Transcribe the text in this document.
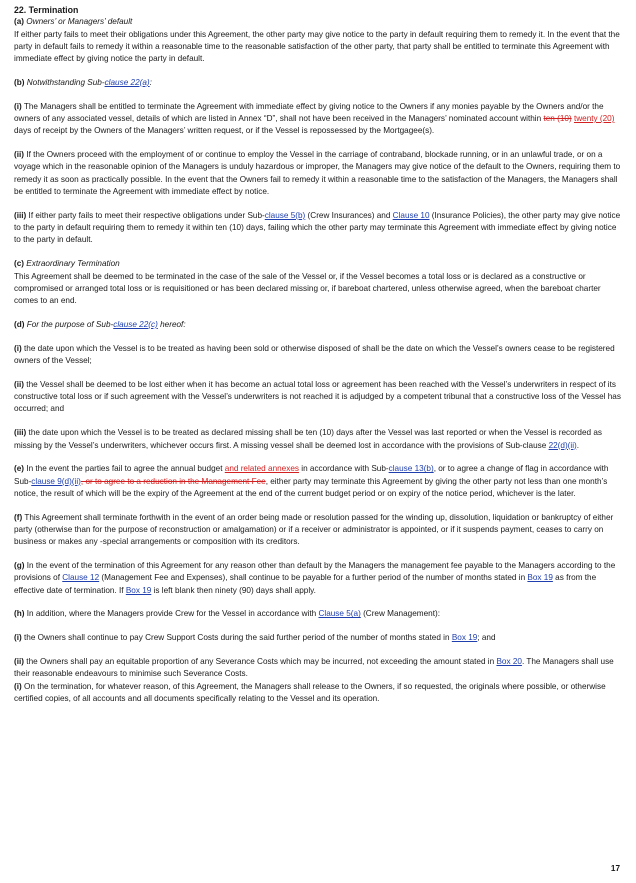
22. Termination

(a) Owners’ or Managers’ default

If either party fails to meet their obligations under this Agreement, the other party may give notice to the party in default requiring them to remedy it. In the event that the party in default fails to remedy it within a reasonable time to the reasonable satisfaction of the other party, that party shall be entitled to terminate this Agreement with immediate effect by giving notice the party in default.

(b) Notwithstanding Sub-clause 22(a):

(i) The Managers shall be entitled to terminate the Agreement with immediate effect by giving notice to the Owners if any monies payable by the Owners and/or the owners of any associated vessel, details of which are listed in Annex “D”, shall not have been received in the Managers’ nominated account within ten (10) twenty (20) days of receipt by the Owners of the Managers’ written request, or if the Vessel is repossessed by the Mortgagee(s).

(ii) If the Owners proceed with the employment of or continue to employ the Vessel in the carriage of contraband, blockade running, or in an unlawful trade, or on a voyage which in the reasonable opinion of the Managers is unduly hazardous or improper, the Managers may give notice of the default to the Owners, requiring them to remedy it as soon as practically possible. In the event that the Owners fail to remedy it within a reasonable time to the satisfaction of the Managers, the Managers shall be entitled to terminate the Agreement with immediate effect by notice.

(iii) If either party fails to meet their respective obligations under Sub-clause 5(b) (Crew Insurances) and Clause 10 (Insurance Policies), the other party may give notice to the party in default requiring them to remedy it within ten (10) days, failing which the other party may terminate this Agreement with immediate effect by giving notice to the party in default.

(c) Extraordinary Termination

This Agreement shall be deemed to be terminated in the case of the sale of the Vessel or, if the Vessel becomes a total loss or is declared as a constructive or compromised or arranged total loss or is requisitioned or has been declared missing or, if bareboat chartered, unless otherwise agreed, when the bareboat charter comes to an end.

(d) For the purpose of Sub-clause 22(c) hereof:

(i) the date upon which the Vessel is to be treated as having been sold or otherwise disposed of shall be the date on which the Vessel’s owners cease to be registered owners of the Vessel;

(ii) the Vessel shall be deemed to be lost either when it has become an actual total loss or agreement has been reached with the Vessel’s underwriters in respect of its constructive total loss or if such agreement with the Vessel’s underwriters is not reached it is adjudged by a competent tribunal that a constructive loss of the Vessel has occurred; and

(iii) the date upon which the Vessel is to be treated as declared missing shall be ten (10) days after the Vessel was last reported or when the Vessel is recorded as missing by the Vessel’s underwriters, whichever occurs first. A missing vessel shall be deemed lost in accordance with the provisions of Sub-clause 22(d)(ii).

(e) In the event the parties fail to agree the annual budget and related annexes in accordance with Sub-clause 13(b), or to agree a change of flag in accordance with Sub-clause 9(d)(ii), or to agree to a reduction in the Management Fee, either party may terminate this Agreement by giving the other party not less than one month’s notice, the result of which will be the expiry of the Agreement at the end of the current budget period or on expiry of the notice period, whichever is the later.

(f) This Agreement shall terminate forthwith in the event of an order being made or resolution passed for the winding up, dissolution, liquidation or bankruptcy of either party (otherwise than for the purpose of reconstruction or amalgamation) or if a receiver or administrator is appointed, or if it suspends payment, ceases to carry on business or makes any -special arrangements or composition with its creditors.

(g) In the event of the termination of this Agreement for any reason other than default by the Managers the management fee payable to the Managers according to the provisions of Clause 12 (Management Fee and Expenses), shall continue to be payable for a further period of the number of months stated in Box 19 as from the effective date of termination. If Box 19 is left blank then ninety (90) days shall apply.

(h) In addition, where the Managers provide Crew for the Vessel in accordance with Clause 5(a) (Crew Management):

(i) the Owners shall continue to pay Crew Support Costs during the said further period of the number of months stated in Box 19; and

(ii) the Owners shall pay an equitable proportion of any Severance Costs which may be incurred, not exceeding the amount stated in Box 20. The Managers shall use their reasonable endeavours to minimise such Severance Costs.

(i) On the termination, for whatever reason, of this Agreement, the Managers shall release to the Owners, if so requested, the originals where possible, or otherwise certified copies, of all accounts and all documents specifically relating to the Vessel and its operation.

17
